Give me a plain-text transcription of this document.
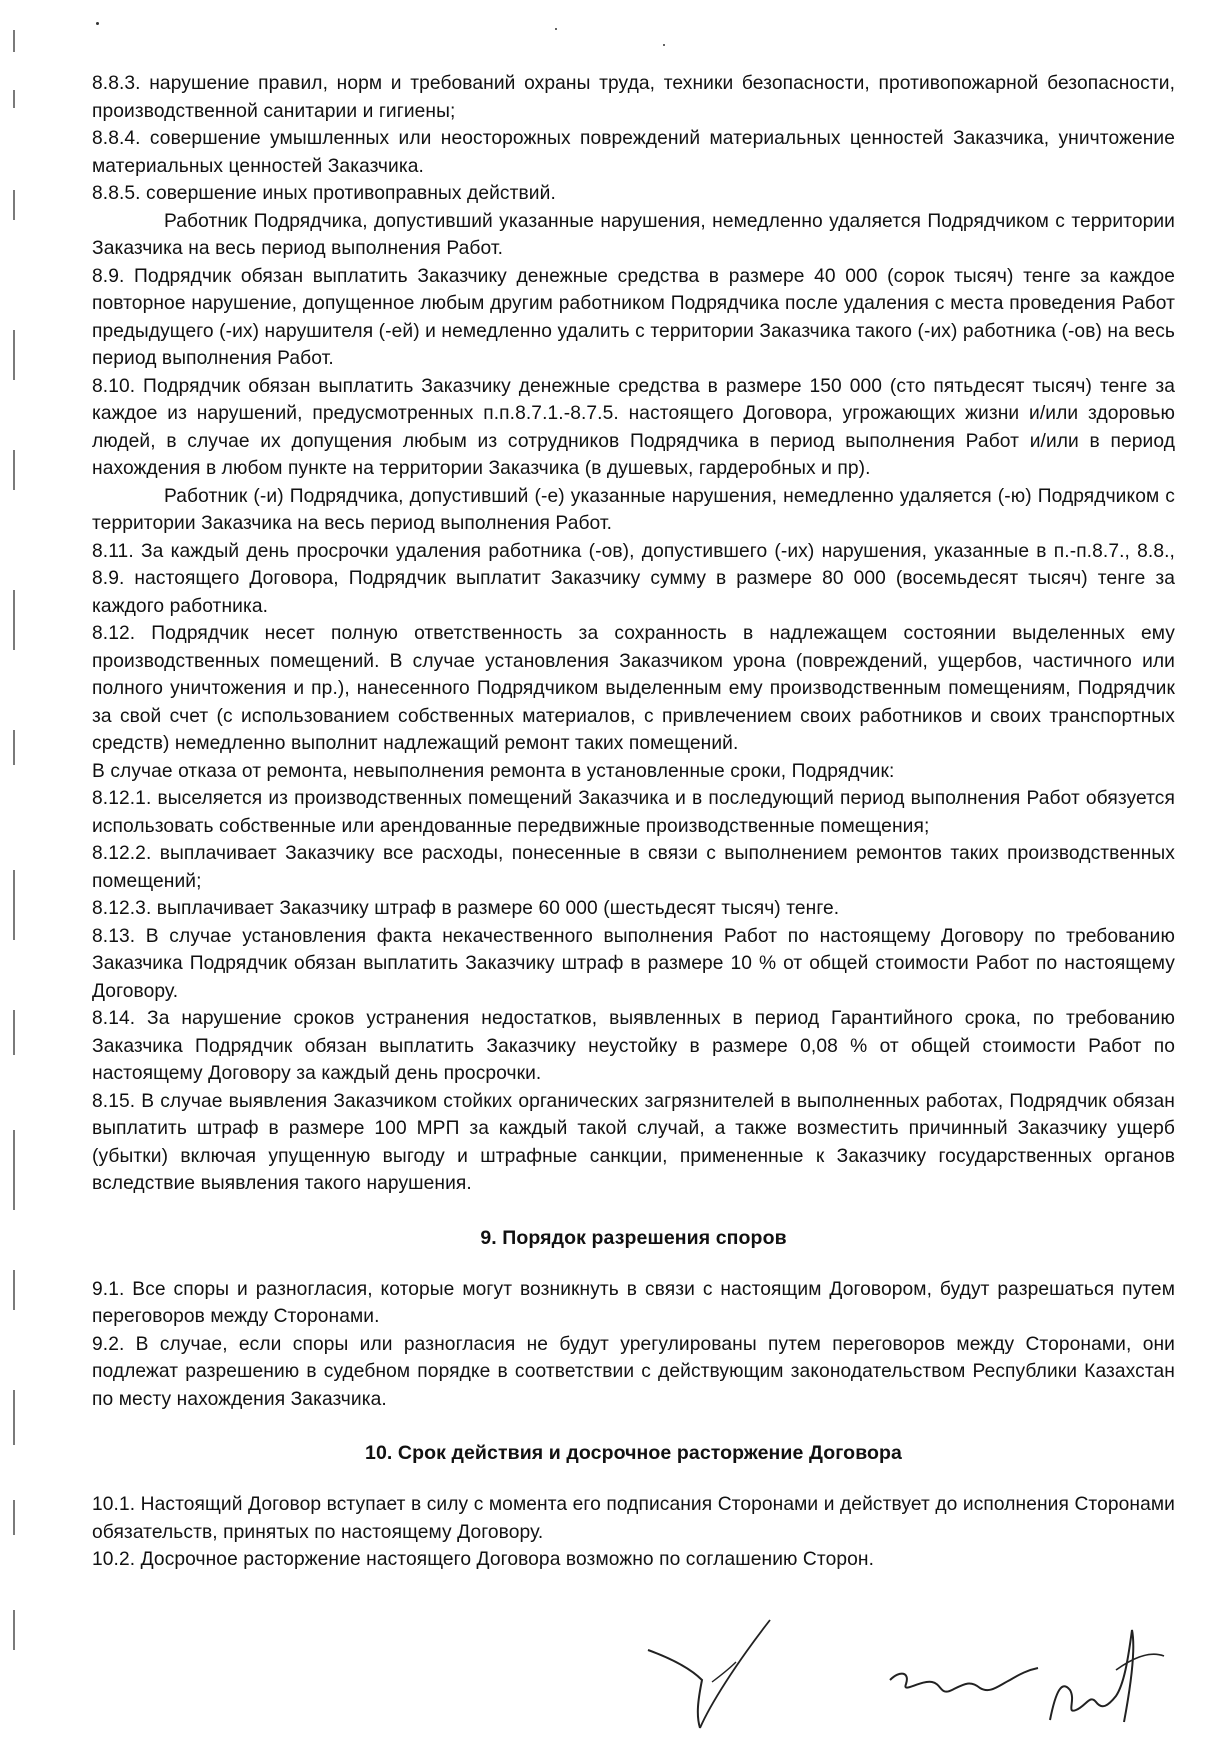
8.8.3. нарушение правил, норм и требований охраны труда, техники безопасности, противопожарной безопасности, производственной санитарии и гигиены;

8.8.4. совершение умышленных или неосторожных повреждений материальных ценностей Заказчика, уничтожение материальных ценностей Заказчика.

8.8.5. совершение иных противоправных действий.

Работник Подрядчика, допустивший указанные нарушения, немедленно удаляется Подрядчиком с территории Заказчика на весь период выполнения Работ.

8.9. Подрядчик обязан выплатить Заказчику денежные средства в размере 40 000 (сорок тысяч) тенге за каждое повторное нарушение, допущенное любым другим работником Подрядчика после удаления с места проведения Работ предыдущего (-их) нарушителя (-ей) и немедленно удалить с территории Заказчика такого (-их) работника (-ов) на весь период выполнения Работ.

8.10. Подрядчик обязан выплатить Заказчику денежные средства в размере 150 000 (сто пятьдесят тысяч) тенге за каждое из нарушений, предусмотренных п.п.8.7.1.-8.7.5. настоящего Договора, угрожающих жизни и/или здоровью людей, в случае их допущения любым из сотрудников Подрядчика в период выполнения Работ и/или в период нахождения в любом пункте на территории Заказчика (в душевых, гардеробных и пр).

Работник (-и) Подрядчика, допустивший (-е) указанные нарушения, немедленно удаляется (-ю) Подрядчиком с территории Заказчика на весь период выполнения Работ.

8.11. За каждый день просрочки удаления работника (-ов), допустившего (-их) нарушения, указанные в п.-п.8.7., 8.8., 8.9. настоящего Договора, Подрядчик выплатит Заказчику сумму в размере 80 000 (восемьдесят тысяч) тенге за каждого работника.

8.12. Подрядчик несет полную ответственность за сохранность в надлежащем состоянии выделенных ему производственных помещений. В случае установления Заказчиком урона (повреждений, ущербов, частичного или полного уничтожения и пр.), нанесенного Подрядчиком выделенным ему производственным помещениям, Подрядчик за свой счет (с использованием собственных материалов, с привлечением своих работников и своих транспортных средств) немедленно выполнит надлежащий ремонт таких помещений.

В случае отказа от ремонта, невыполнения ремонта в установленные сроки, Подрядчик:

8.12.1. выселяется из производственных помещений Заказчика и в последующий период выполнения Работ обязуется использовать собственные или арендованные передвижные производственные помещения;

8.12.2. выплачивает Заказчику все расходы, понесенные в связи с выполнением ремонтов таких производственных помещений;

8.12.3. выплачивает Заказчику штраф в размере 60 000 (шестьдесят тысяч) тенге.

8.13. В случае установления факта некачественного выполнения Работ по настоящему Договору по требованию Заказчика Подрядчик обязан выплатить Заказчику штраф в размере 10 % от общей стоимости Работ по настоящему Договору.

8.14. За нарушение сроков устранения недостатков, выявленных в период Гарантийного срока, по требованию Заказчика Подрядчик обязан выплатить Заказчику неустойку в размере 0,08 % от общей стоимости Работ по настоящему Договору за каждый день просрочки.

8.15. В случае выявления Заказчиком стойких органических загрязнителей в выполненных работах, Подрядчик обязан выплатить штраф в размере 100 МРП за каждый такой случай, а также возместить причинный Заказчику ущерб (убытки) включая упущенную выгоду и штрафные санкции, примененные к Заказчику государственных органов вследствие выявления такого нарушения.

9. Порядок разрешения споров

9.1. Все споры и разногласия, которые могут возникнуть в связи с настоящим Договором, будут разрешаться путем переговоров между Сторонами.

9.2. В случае, если споры или разногласия не будут урегулированы путем переговоров между Сторонами, они подлежат разрешению в судебном порядке в соответствии с действующим законодательством Республики Казахстан по месту нахождения Заказчика.

10. Срок действия и досрочное расторжение Договора

10.1. Настоящий Договор вступает в силу с момента его подписания Сторонами и действует до исполнения Сторонами обязательств, принятых по настоящему Договору.

10.2. Досрочное расторжение настоящего Договора возможно по соглашению Сторон.
